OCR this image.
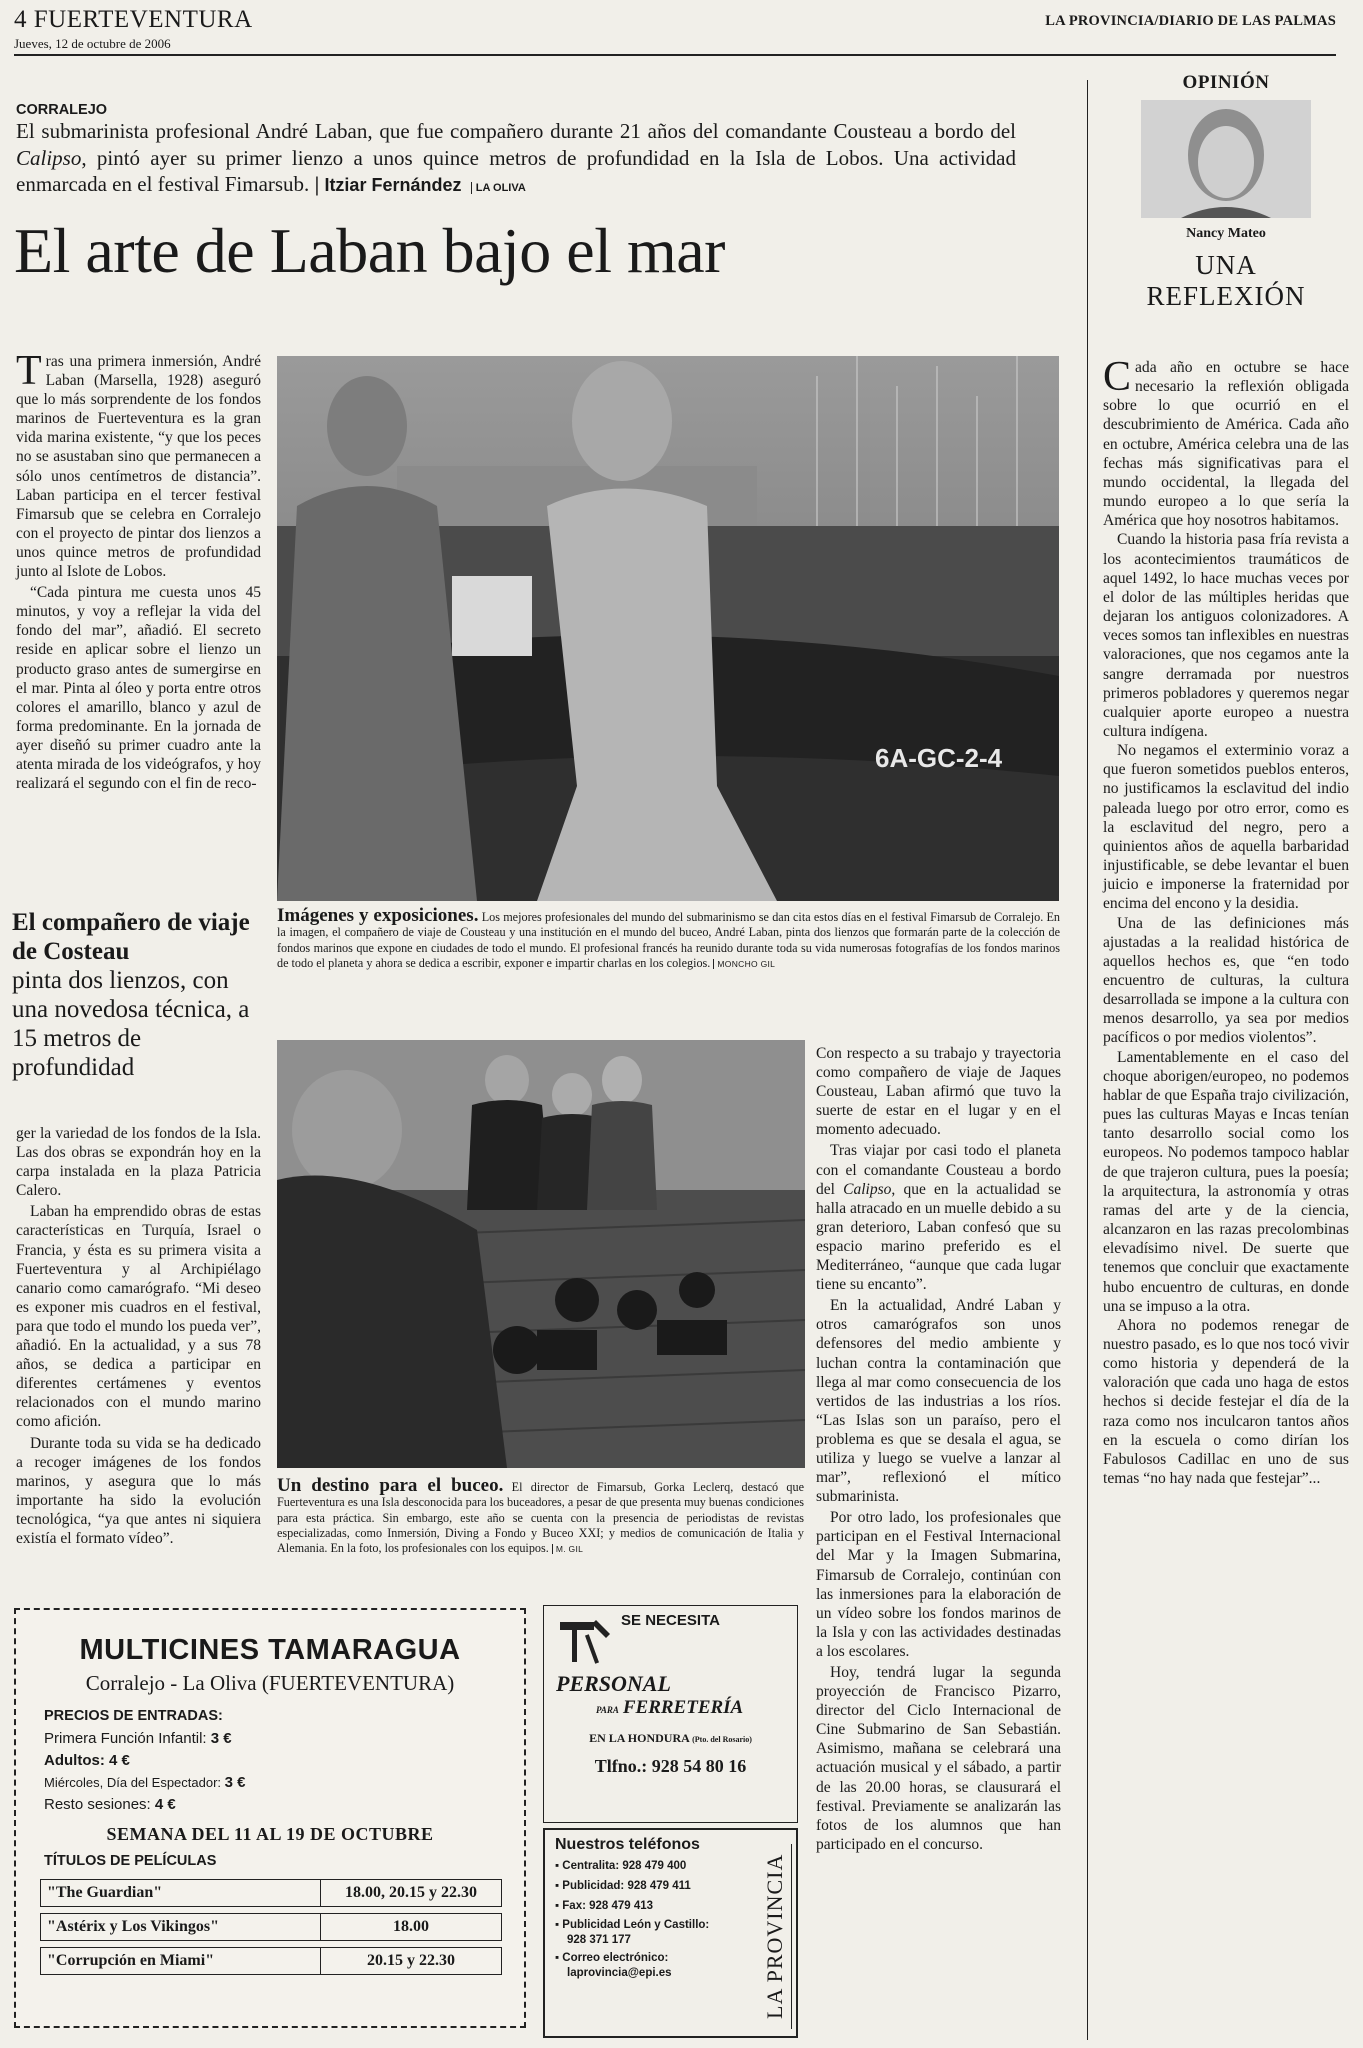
4 FUERTEVENTURA
Jueves, 12 de octubre de 2006
LA PROVINCIA/DIARIO DE LAS PALMAS
CORRALEJO
El submarinista profesional André Laban, que fue compañero durante 21 años del comandante Cousteau a bordo del Calipso, pintó ayer su primer lienzo a unos quince metros de profundidad en la Isla de Lobos. Una actividad enmarcada en el festival Fimarsub. | Itziar Fernández LA OLIVA
El arte de Laban bajo el mar

Tras una primera inmersión, André Laban (Marsella, 1928) aseguró que lo más sorprendente de los fondos marinos de Fuerteventura es la gran vida marina existente, “y que los peces no se asustaban sino que permanecen a sólo unos centímetros de distancia”. Laban participa en el tercer festival Fimarsub que se celebra en Corralejo con el proyecto de pintar dos lienzos a unos quince metros de profundidad junto al Islote de Lobos.

“Cada pintura me cuesta unos 45 minutos, y voy a reflejar la vida del fondo del mar”, añadió. El secreto reside en aplicar sobre el lienzo un producto graso antes de sumergirse en el mar. Pinta al óleo y porta entre otros colores el amarillo, blanco y azul de forma predominante. En la jornada de ayer diseñó su primer cuadro ante la atenta mirada de los videógrafos, y hoy realizará el segundo con el fin de reco-

El compañero de viaje de Costeau
pinta dos lienzos, con una novedosa técnica, a 15 metros de profundidad

ger la variedad de los fondos de la Isla. Las dos obras se expondrán hoy en la carpa instalada en la plaza Patricia Calero.

Laban ha emprendido obras de estas características en Turquía, Israel o Francia, y ésta es su primera visita a Fuerteventura y al Archipiélago canario como camarógrafo. “Mi deseo es exponer mis cuadros en el festival, para que todo el mundo los pueda ver”, añadió. En la actualidad, y a sus 78 años, se dedica a participar en diferentes certámenes y eventos relacionados con el mundo marino como afición.

Durante toda su vida se ha dedicado a recoger imágenes de los fondos marinos, y asegura que lo más importante ha sido la evolución tecnológica, “ya que antes ni siquiera existía el formato vídeo”.

6A-GC-2-4
Imágenes y exposiciones. Los mejores profesionales del mundo del submarinismo se dan cita estos días en el festival Fimarsub de Corralejo. En la imagen, el compañero de viaje de Cousteau y una institución en el mundo del buceo, André Laban, pinta dos lienzos que formarán parte de la colección de fondos marinos que expone en ciudades de todo el mundo. El profesional francés ha reunido durante toda su vida numerosas fotografías de los fondos marinos de todo el planeta y ahora se dedica a escribir, exponer e impartir charlas en los colegios. MONCHO GIL
Un destino para el buceo. El director de Fimarsub, Gorka Leclerq, destacó que Fuerteventura es una Isla desconocida para los buceadores, a pesar de que presenta muy buenas condiciones para esta práctica. Sin embargo, este año se cuenta con la presencia de periodistas de revistas especializadas, como Inmersión, Diving a Fondo y Buceo XXI; y medios de comunicación de Italia y Alemania. En la foto, los profesionales con los equipos. M. GIL

Con respecto a su trabajo y trayectoria como compañero de viaje de Jaques Cousteau, Laban afirmó que tuvo la suerte de estar en el lugar y en el momento adecuado.

Tras viajar por casi todo el planeta con el comandante Cousteau a bordo del Calipso, que en la actualidad se halla atracado en un muelle debido a su gran deterioro, Laban confesó que su espacio marino preferido es el Mediterráneo, “aunque que cada lugar tiene su encanto”.

En la actualidad, André Laban y otros camarógrafos son unos defensores del medio ambiente y luchan contra la contaminación que llega al mar como consecuencia de los vertidos de las industrias a los ríos. “Las Islas son un paraíso, pero el problema es que se desala el agua, se utiliza y luego se vuelve a lanzar al mar”, reflexionó el mítico submarinista.

Por otro lado, los profesionales que participan en el Festival Internacional del Mar y la Imagen Submarina, Fimarsub de Corralejo, continúan con las inmersiones para la elaboración de un vídeo sobre los fondos marinos de la Isla y con las actividades destinadas a los escolares.

Hoy, tendrá lugar la segunda proyección de Francisco Pizarro, director del Ciclo Internacional de Cine Submarino de San Sebastián. Asimismo, mañana se celebrará una actuación musical y el sábado, a partir de las 20.00 horas, se clausurará el festival. Previamente se analizarán las fotos de los alumnos que han participado en el concurso.

OPINIÓN
Nancy Mateo
UNA
REFLEXIÓN

Cada año en octubre se hace necesario la reflexión obligada sobre lo que ocurrió en el descubrimiento de América. Cada año en octubre, América celebra una de las fechas más significativas para el mundo occidental, la llegada del mundo europeo a lo que sería la América que hoy nosotros habitamos.

Cuando la historia pasa fría revista a los acontecimientos traumáticos de aquel 1492, lo hace muchas veces por el dolor de las múltiples heridas que dejaran los antiguos colonizadores. A veces somos tan inflexibles en nuestras valoraciones, que nos cegamos ante la sangre derramada por nuestros primeros pobladores y queremos negar cualquier aporte europeo a nuestra cultura indígena.

No negamos el exterminio voraz a que fueron sometidos pueblos enteros, no justificamos la esclavitud del indio paleada luego por otro error, como es la esclavitud del negro, pero a quinientos años de aquella barbaridad injustificable, se debe levantar el buen juicio e imponerse la fraternidad por encima del encono y la desidia.

Una de las definiciones más ajustadas a la realidad histórica de aquellos hechos es, que “en todo encuentro de culturas, la cultura desarrollada se impone a la cultura con menos desarrollo, ya sea por medios pacíficos o por medios violentos”.

Lamentablemente en el caso del choque aborigen/europeo, no podemos hablar de que España trajo civilización, pues las culturas Mayas e Incas tenían tanto desarrollo social como los europeos. No podemos tampoco hablar de que trajeron cultura, pues la poesía; la arquitectura, la astronomía y otras ramas del arte y de la ciencia, alcanzaron en las razas precolombinas elevadísimo nivel. De suerte que tenemos que concluir que exactamente hubo encuentro de culturas, en donde una se impuso a la otra.

Ahora no podemos renegar de nuestro pasado, es lo que nos tocó vivir como historia y dependerá de la valoración que cada uno haga de estos hechos si decide festejar el día de la raza como nos inculcaron tantos años en la escuela o como dirían los Fabulosos Cadillac en uno de sus temas “no hay nada que festejar”...

MULTICINES TAMARAGUA
Corralejo - La Oliva (FUERTEVENTURA)
PRECIOS DE ENTRADAS:
Primera Función Infantil: 3 €
Adultos: 4 €
Miércoles, Día del Espectador: 3 €
Resto sesiones: 4 €
SEMANA DEL 11 AL 19 DE OCTUBRE
TÍTULOS DE PELÍCULAS
"The Guardian"	18.00, 20.15 y 22.30
"Astérix y Los Vikingos"	18.00
"Corrupción en Miami"	20.15 y 22.30
SE NECESITA
PERSONAL
PARA FERRETERÍA
EN LA HONDURA (Pto. del Rosario)
Tlfno.: 928 54 80 16
Nuestros teléfonos
▪ Centralita: 928 479 400
▪ Publicidad: 928 479 411
▪ Fax: 928 479 413
▪ Publicidad León y Castillo:
928 371 177
▪ Correo electrónico:
laprovincia@epi.es	LA PROVINCIA
